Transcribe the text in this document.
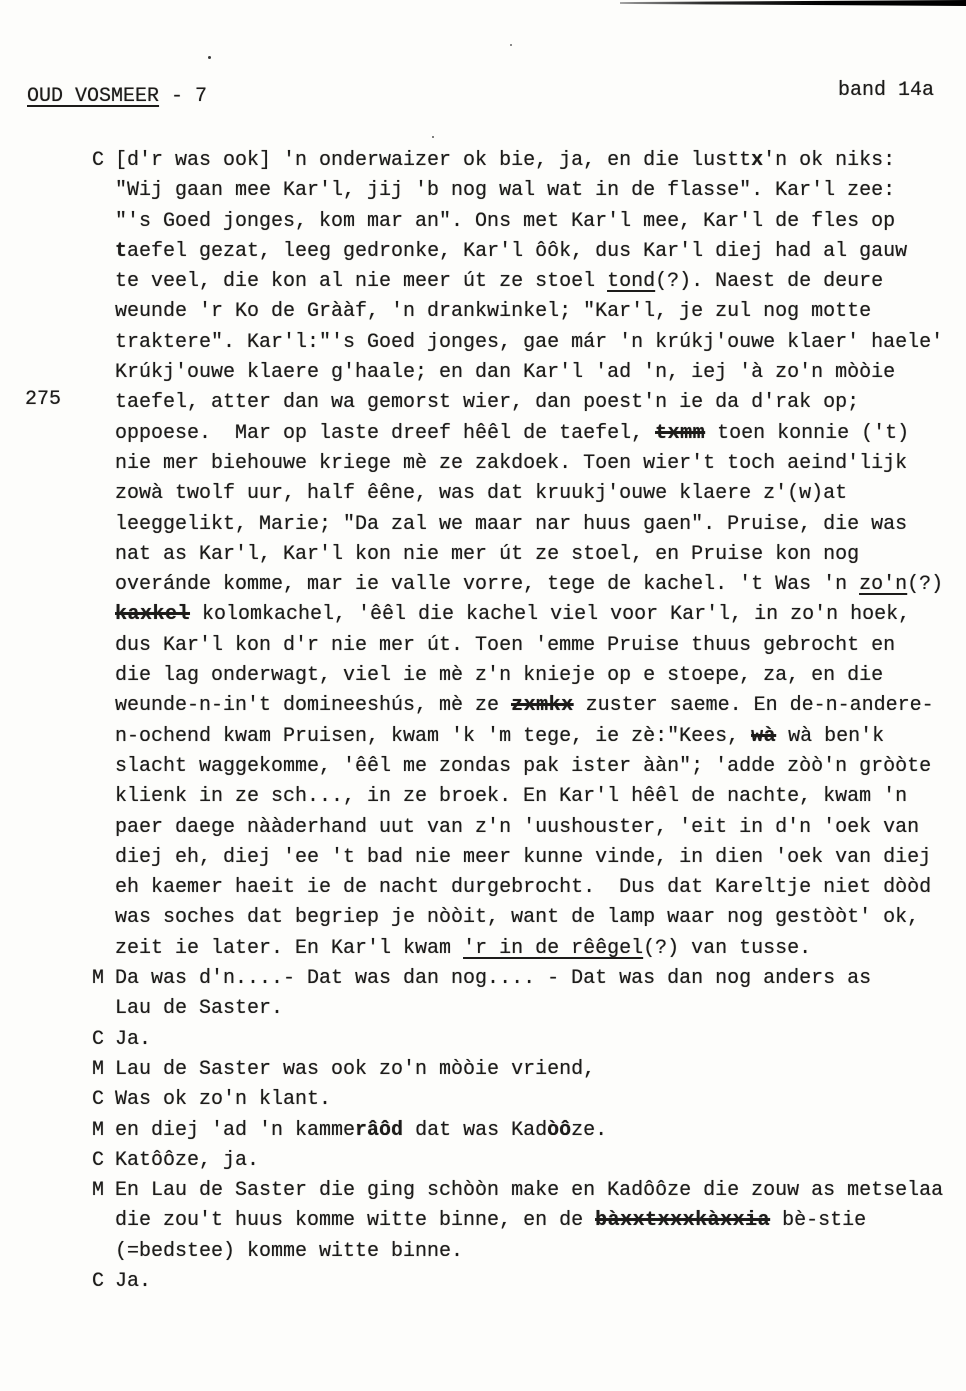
OUD VOSMEER - 7	band 14a
275
C [d'r was ook] 'n onderwaizer ok bie, ja, en die lusttx'n ok niks:
"Wij gaan mee Kar'l, jij 'b nog wal wat in de flasse". Kar'l zee:
"'s Goed jonges, kom mar an". Ons met Kar'l mee, Kar'l de fles op
taefel gezat, leeg gedronke, Kar'l ôôk, dus Kar'l diej had al gauw
te veel, die kon al nie meer út ze stoel tond(?). Naest de deure
weunde 'r Ko de Grààf, 'n drankwinkel; "Kar'l, je zul nog motte
traktere". Kar'l:"'s Goed jonges, gae már 'n krúkj'ouwe klaer' haele'
Krúkj'ouwe klaere g'haale; en dan Kar'l 'ad 'n, iej 'à zo'n mòòie
taefel, atter dan wa gemorst wier, dan poest'n ie da d'rak op;
oppoese.  Mar op laste dreef hêêl de taefel, txmm toen konnie ('t)
nie mer biehouwe kriege mè ze zakdoek. Toen wier't toch aeind'lijk
zowà twolf uur, half êêne, was dat kruukj'ouwe klaere z'(w)at
leeggelikt, Marie; "Da zal we maar nar huus gaen". Pruise, die was
nat as Kar'l, Kar'l kon nie mer út ze stoel, en Pruise kon nog
overánde komme, mar ie valle vorre, tege de kachel. 't Was 'n zo'n(?)
kaxkel kolomkachel, 'êêl die kachel viel voor Kar'l, in zo'n hoek,
dus Kar'l kon d'r nie mer út. Toen 'emme Pruise thuus gebrocht en
die lag onderwagt, viel ie mè z'n knieje op e stoepe, za, en die
weunde-n-in't domineeshús, mè ze zxmkx zuster saeme. En de-n-andere-
n-ochend kwam Pruisen, kwam 'k 'm tege, ie zè:"Kees, wà wà ben'k
slacht waggekomme, 'êêl me zondas pak ister ààn"; 'adde zòò'n gròòte
klienk in ze sch..., in ze broek. En Kar'l hêêl de nachte, kwam 'n
paer daege nààderhand uut van z'n 'uushouster, 'eit in d'n 'oek van
diej eh, diej 'ee 't bad nie meer kunne vinde, in dien 'oek van diej
eh kaemer haeit ie de nacht durgebrocht.  Dus dat Kareltje niet dòòd
was soches dat begriep je nòòit, want de lamp waar nog gestòòt' ok,
zeit ie later. En Kar'l kwam 'r in de rêêgel(?) van tusse.
M Da was d'n....- Dat was dan nog.... - Dat was dan nog anders as
Lau de Saster.
C Ja.
M Lau de Saster was ook zo'n mòòie vriend,
C Was ok zo'n klant.
M en diej 'ad 'n kammerâôd dat was Kadòôze.
C Katôôze, ja.
M En Lau de Saster die ging schòòn make en Kadôôze die zouw as metselaa
die zou't huus komme witte binne, en de bàxxtxxxkàxxia bè-stie
(=bedstee) komme witte binne.
C Ja.
